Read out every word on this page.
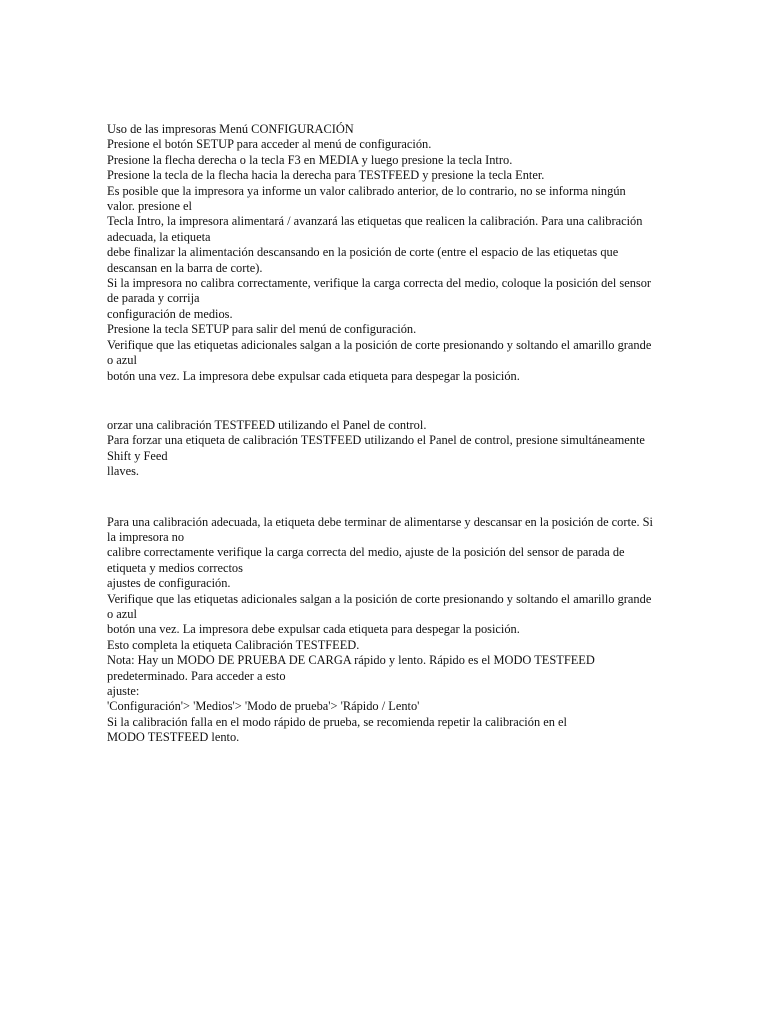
Uso de las impresoras Menú CONFIGURACIÓN
Presione el botón SETUP para acceder al menú de configuración.
Presione la flecha derecha o la tecla F3 en MEDIA y luego presione la tecla Intro.
Presione la tecla de la flecha hacia la derecha para TESTFEED y presione la tecla Enter.
Es posible que la impresora ya informe un valor calibrado anterior, de lo contrario, no se informa ningún
valor. presione el
Tecla Intro, la impresora alimentará / avanzará las etiquetas que realicen la calibración. Para una calibración
adecuada, la etiqueta
debe finalizar la alimentación descansando en la posición de corte (entre el espacio de las etiquetas que
descansan en la barra de corte).
Si la impresora no calibra correctamente, verifique la carga correcta del medio, coloque la posición del sensor
de parada y corrija
configuración de medios.
Presione la tecla SETUP para salir del menú de configuración.
Verifique que las etiquetas adicionales salgan a la posición de corte presionando y soltando el amarillo grande
o azul
botón una vez. La impresora debe expulsar cada etiqueta para despegar la posición.
orzar una calibración TESTFEED utilizando el Panel de control.
Para forzar una etiqueta de calibración TESTFEED utilizando el Panel de control, presione simultáneamente
Shift y Feed
llaves.
Para una calibración adecuada, la etiqueta debe terminar de alimentarse y descansar en la posición de corte. Si
la impresora no
calibre correctamente verifique la carga correcta del medio, ajuste de la posición del sensor de parada de
etiqueta y medios correctos
ajustes de configuración.
Verifique que las etiquetas adicionales salgan a la posición de corte presionando y soltando el amarillo grande
o azul
botón una vez. La impresora debe expulsar cada etiqueta para despegar la posición.
Esto completa la etiqueta Calibración TESTFEED.
Nota: Hay un MODO DE PRUEBA DE CARGA rápido y lento. Rápido es el MODO TESTFEED
predeterminado. Para acceder a esto
ajuste:
'Configuración'> 'Medios'> 'Modo de prueba'> 'Rápido / Lento'
Si la calibración falla en el modo rápido de prueba, se recomienda repetir la calibración en el
MODO TESTFEED lento.
